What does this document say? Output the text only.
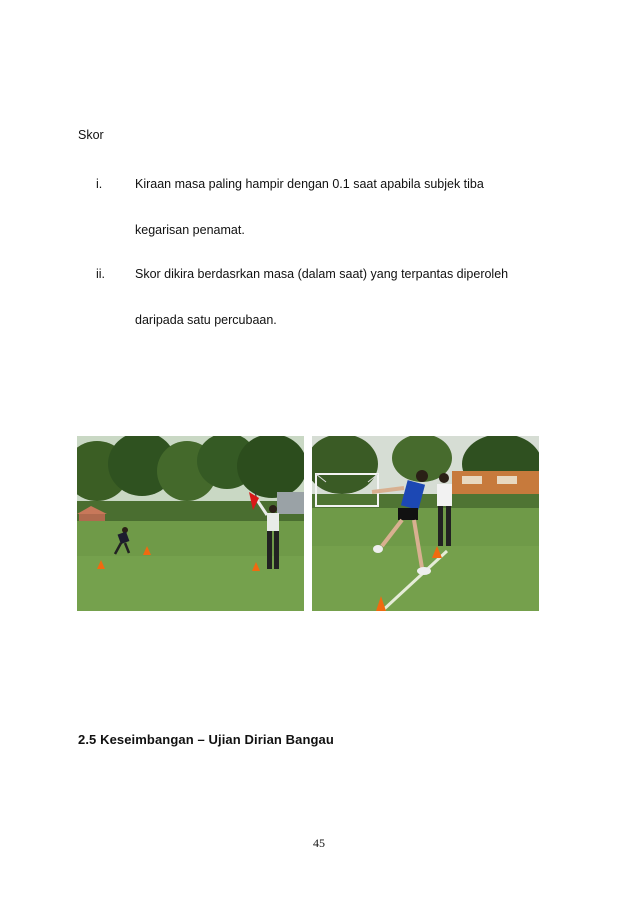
Skor
i.	Kiraan masa paling hampir dengan 0.1 saat apabila subjek tiba
kegarisan penamat.
ii. Skor dikira berdasrkan masa (dalam saat) yang terpantas diperoleh
daripada satu percubaan.
2.5 Keseimbangan – Ujian Dirian Bangau
45
